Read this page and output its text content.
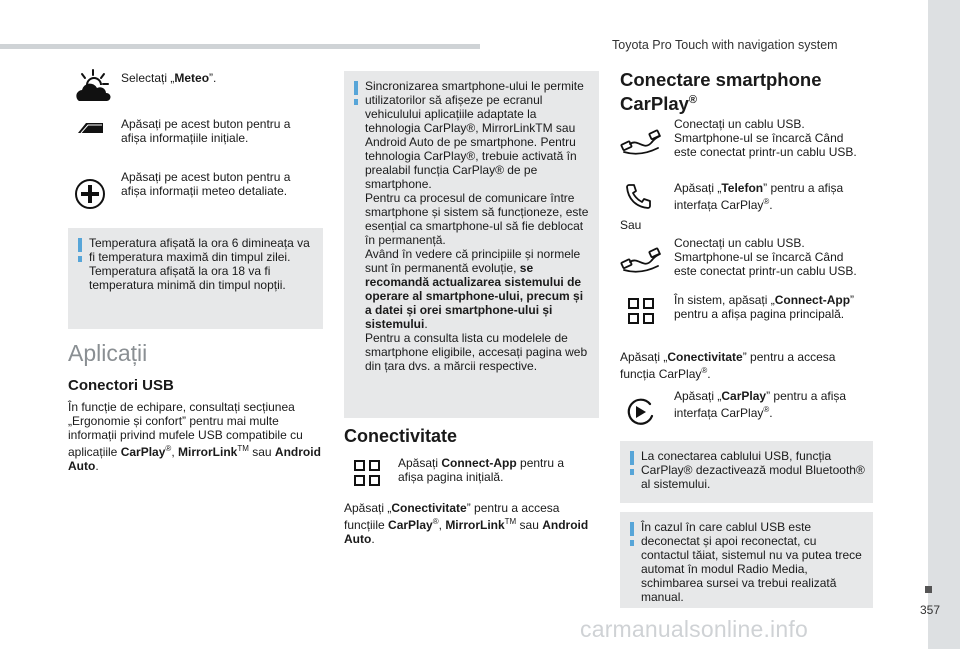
Toyota Pro Touch with navigation system
357
carmanualsonline.info
Selectați „Meteo”.
Apăsați pe acest buton pentru a afișa informațiile inițiale.
Apăsați pe acest buton pentru a afișa informații meteo detaliate.
Temperatura afișată la ora 6 dimineața va fi temperatura maximă din timpul zilei. Temperatura afișată la ora 18 va fi temperatura minimă din timpul nopții.
Aplicații
Conectori USB
În funcție de echipare, consultați secțiunea „Ergonomie și confort” pentru mai multe informații privind mufele USB compatibile cu aplicațiile CarPlay®, MirrorLink™ sau Android Auto.
Sincronizarea smartphone-ului le permite utilizatorilor să afișeze pe ecranul vehiculului aplicațiile adaptate la tehnologia CarPlay®, MirrorLinkTM sau Android Auto de pe smartphone. Pentru tehnologia CarPlay®, trebuie activată în prealabil funcția CarPlay® de pe smartphone.
Pentru ca procesul de comunicare între smartphone și sistem să funcționeze, este esențial ca smartphone-ul să fie deblocat în permanență.
Având în vedere că principiile și normele sunt în permanentă evoluție, se recomandă actualizarea sistemului de operare al smartphone-ului, precum și a datei și orei smartphone-ului și sistemului.
Pentru a consulta lista cu modelele de smartphone eligibile, accesați pagina web din țara dvs. a mărcii respective.
Conectivitate
Apăsați Connect-App pentru a afișa pagina inițială.
Apăsați „Conectivitate” pentru a accesa funcțiile CarPlay®, MirrorLink™ sau Android Auto.
Conectare smartphone
CarPlay®
Conectați un cablu USB. Smartphone-ul se încarcă Când este conectat printr-un cablu USB.
Apăsați „Telefon” pentru a afișa interfața CarPlay®.
Sau
Conectați un cablu USB. Smartphone-ul se încarcă Când este conectat printr-un cablu USB.
În sistem, apăsați „Connect-App” pentru a afișa pagina principală.
Apăsați „Conectivitate” pentru a accesa funcția CarPlay®.
Apăsați „CarPlay” pentru a afișa interfața CarPlay®.
La conectarea cablului USB, funcția CarPlay® dezactivează modul Bluetooth® al sistemului.
În cazul în care cablul USB este deconectat și apoi reconectat, cu contactul tăiat, sistemul nu va putea trece automat în modul Radio Media, schimbarea sursei va trebui realizată manual.
